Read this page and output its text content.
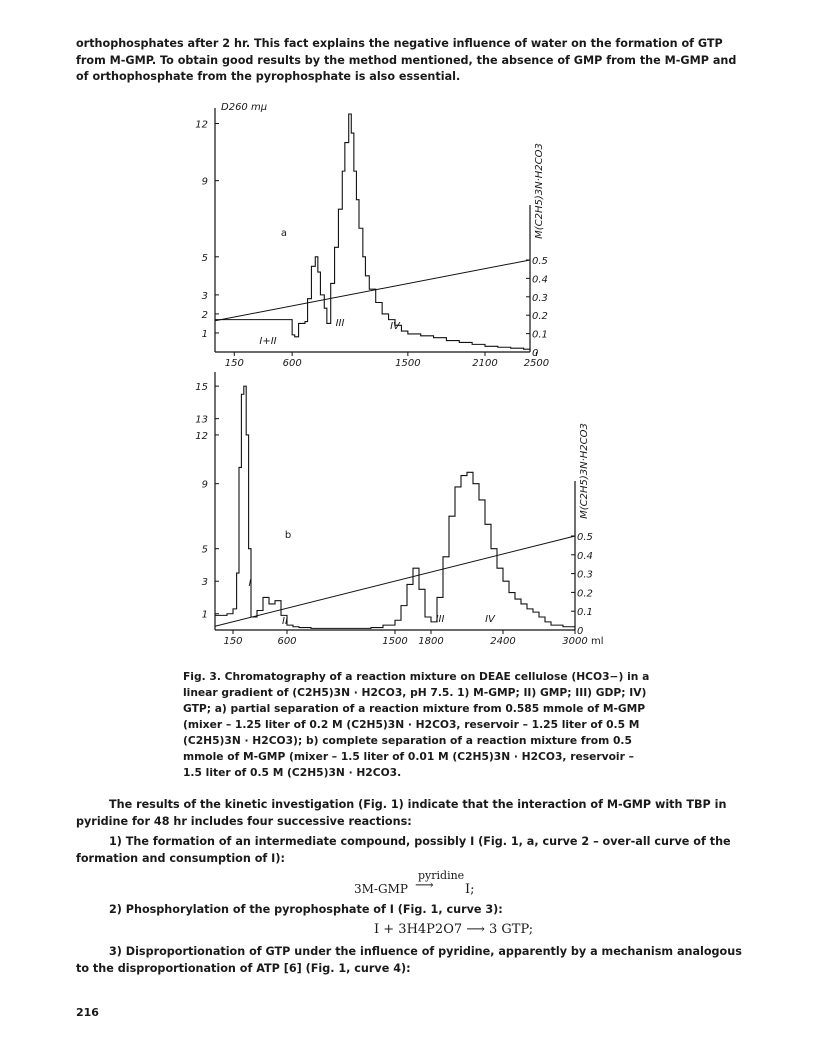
orthophosphates after 2 hr. This fact explains the negative influence of water on the formation of GTP from M-GMP. To obtain good results by the method mentioned, the absence of GMP from the M-GMP and of orthophosphate from the pyrophosphate is also essential.
1
2
3
5
9
12
150	600	1500	2100	2500
0
0.1
0.2
0.3
0.4
0.5
M(C2H5)3N·H2CO3
a
I+II
III	IV
D260 mμ
1
3
5
9
12
13
15
150	600	1500 1800	2400	3000
0
0.1
0.2
0.3
0.4
0.5
M(C2H5)3N·H2CO3
b
I
II	III	IV
ml
Fig. 3. Chromatography of a reaction mixture on DEAE cellulose (HCO3−) in a linear gradient of (C2H5)3N · H2CO3, pH 7.5. 1) M-GMP; II) GMP; III) GDP; IV) GTP; a) partial separation of a reaction mixture from 0.585 mmole of M-GMP (mixer – 1.25 liter of 0.2 M (C2H5)3N · H2CO3, reservoir – 1.25 liter of 0.5 M (C2H5)3N · H2CO3); b) complete separation of a reaction mixture from 0.5 mmole of M-GMP (mixer – 1.5 liter of 0.01 M (C2H5)3N · H2CO3, reservoir – 1.5 liter of 0.5 M (C2H5)3N · H2CO3.
The results of the kinetic investigation (Fig. 1) indicate that the interaction of M-GMP with TBP in pyridine for 48 hr includes four successive reactions:
1) The formation of an intermediate compound, possibly I (Fig. 1, a, curve 2 – over-all curve of the formation and consumption of I):
3M-GMP
pyridine
⟶ I;
2) Phosphorylation of the pyrophosphate of I (Fig. 1, curve 3):
I + 3H4P2O7 ⟶ 3 GTP;
3) Disproportionation of GTP under the influence of pyridine, apparently by a mechanism analogous to the disproportionation of ATP [6] (Fig. 1, curve 4):
216
